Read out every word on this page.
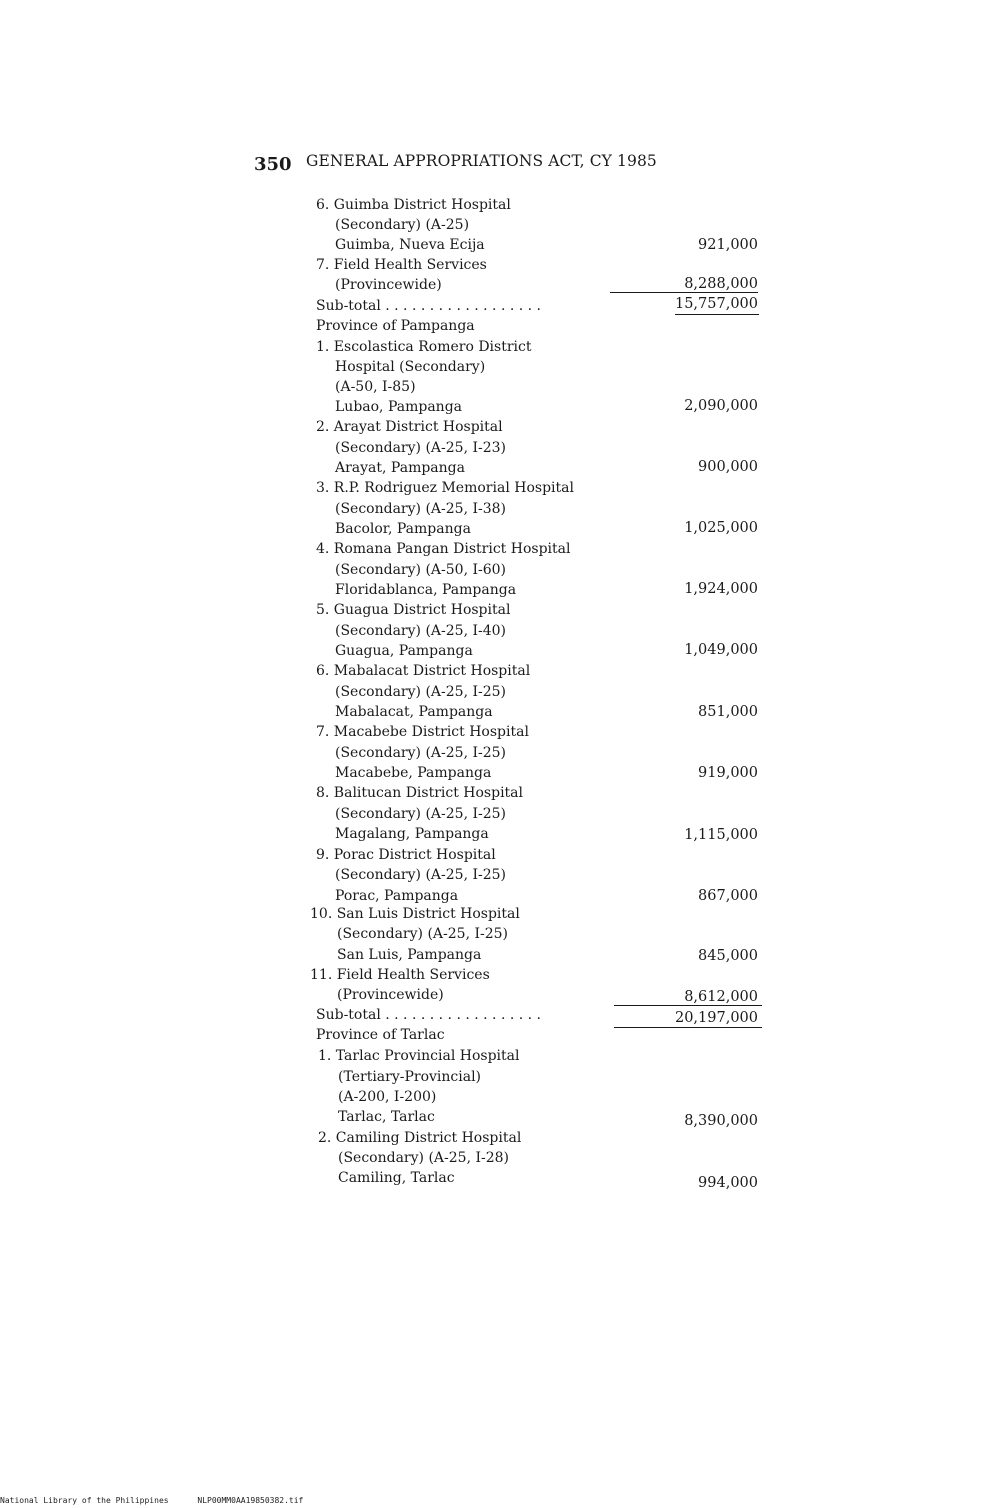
350 GENERAL APPROPRIATIONS ACT, CY 1985
6. Guimba District Hospital
(Secondary) (A-25)
Guimba, Nueva Ecija	921,000
7. Field Health Services
(Provincewide)	8,288,000
Sub-total . . . . . . . . . . . . . . . . . .	15,757,000
Province of Pampanga
1. Escolastica Romero District
Hospital (Secondary)
(A-50, I-85)
Lubao, Pampanga	2,090,000
2. Arayat District Hospital
(Secondary) (A-25, I-23)
Arayat, Pampanga	900,000
3. R.P. Rodriguez Memorial Hospital
(Secondary) (A-25, I-38)
Bacolor, Pampanga	1,025,000
4. Romana Pangan District Hospital
(Secondary) (A-50, I-60)
Floridablanca, Pampanga	1,924,000
5. Guagua District Hospital
(Secondary) (A-25, I-40)
Guagua, Pampanga	1,049,000
6. Mabalacat District Hospital
(Secondary) (A-25, I-25)
Mabalacat, Pampanga	851,000
7. Macabebe District Hospital
(Secondary) (A-25, I-25)
Macabebe, Pampanga	919,000
8. Balitucan District Hospital
(Secondary) (A-25, I-25)
Magalang, Pampanga	1,115,000
9. Porac District Hospital
(Secondary) (A-25, I-25)
Porac, Pampanga	867,000
10. San Luis District Hospital
(Secondary) (A-25, I-25)
San Luis, Pampanga	845,000
11. Field Health Services
(Provincewide)	8,612,000
Sub-total . . . . . . . . . . . . . . . . . .	20,197,000
Province of Tarlac
1. Tarlac Provincial Hospital
(Tertiary-Provincial)
(A-200, I-200)
Tarlac, Tarlac	8,390,000
2. Camiling District Hospital
(Secondary) (A-25, I-28)
Camiling, Tarlac	994,000
National Library of the Philippines	NLP00MM0AA19850382.tif
